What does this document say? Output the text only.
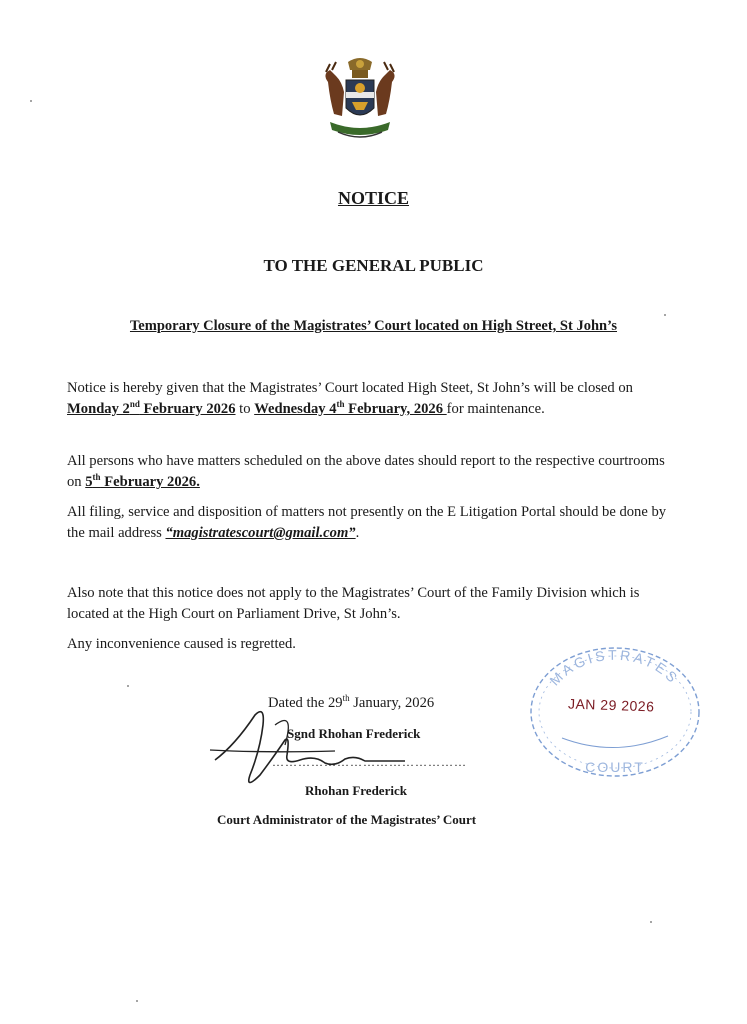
NOTICE
TO THE GENERAL PUBLIC
Temporary Closure of the Magistrates’ Court located on High Street, St John’s
Notice is hereby given that the Magistrates’ Court located High Steet, St John’s will be closed on Monday 2nd February 2026 to Wednesday 4th February, 2026 for maintenance.
All persons who have matters scheduled on the above dates should report to the respective courtrooms on 5th February 2026.
All filing, service and disposition of matters not presently on the E Litigation Portal should be done by the mail address “magistratescourt@gmail.com”.
Also note that this notice does not apply to the Magistrates’ Court of the Family Division which is located at the High Court on Parliament Drive, St John’s.
Any inconvenience caused is regretted.
Dated the 29th January, 2026
Sgnd Rhohan Frederick
………………………………………
Rhohan Frederick
Court Administrator of the Magistrates’ Court
MAGISTRATES
COURT
JAN 29 2026
